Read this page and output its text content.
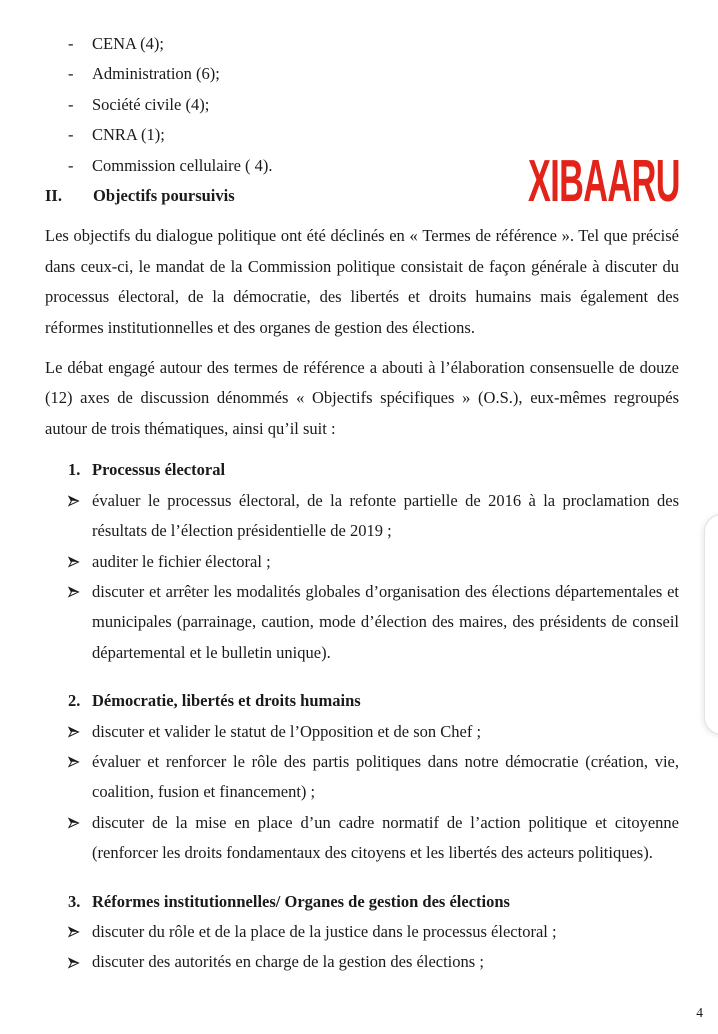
-	CENA (4);
-	Administration (6);
-	Société civile (4);
-	CNRA (1);
-	Commission cellulaire ( 4).
II.	Objectifs poursuivis

Les objectifs du dialogue politique ont été déclinés en « Termes de référence ». Tel que précisé dans ceux-ci, le mandat de la Commission politique consistait de façon générale à discuter du processus électoral, de la démocratie, des libertés et droits humains mais également des réformes institutionnelles et des organes de gestion des élections.

Le débat engagé autour des termes de référence a abouti à l’élaboration consensuelle de douze (12) axes de discussion dénommés « Objectifs spécifiques » (O.S.), eux-mêmes regroupés autour de trois thématiques, ainsi qu’il suit :

1. Processus électoral
évaluer le processus électoral, de la refonte partielle de 2016 à la proclamation des résultats de l’élection présidentielle de 2019 ;
auditer le fichier électoral ;
discuter et arrêter les modalités globales d’organisation des élections départementales et municipales (parrainage, caution, mode d’élection des maires, des présidents de conseil départemental et le bulletin unique).
2. Démocratie, libertés et droits humains
discuter et valider le statut de l’Opposition et de son Chef ;
évaluer et renforcer le rôle des partis politiques dans notre démocratie (création, vie, coalition, fusion et financement) ;
discuter de la mise en place d’un cadre normatif de l’action politique et citoyenne (renforcer les droits fondamentaux des citoyens et les libertés des acteurs politiques).
3. Réformes institutionnelles/ Organes de gestion des élections
discuter du rôle et de la place de la justice dans le processus électoral ;
discuter des autorités en charge de la gestion des élections ;
XIBAARU
4
